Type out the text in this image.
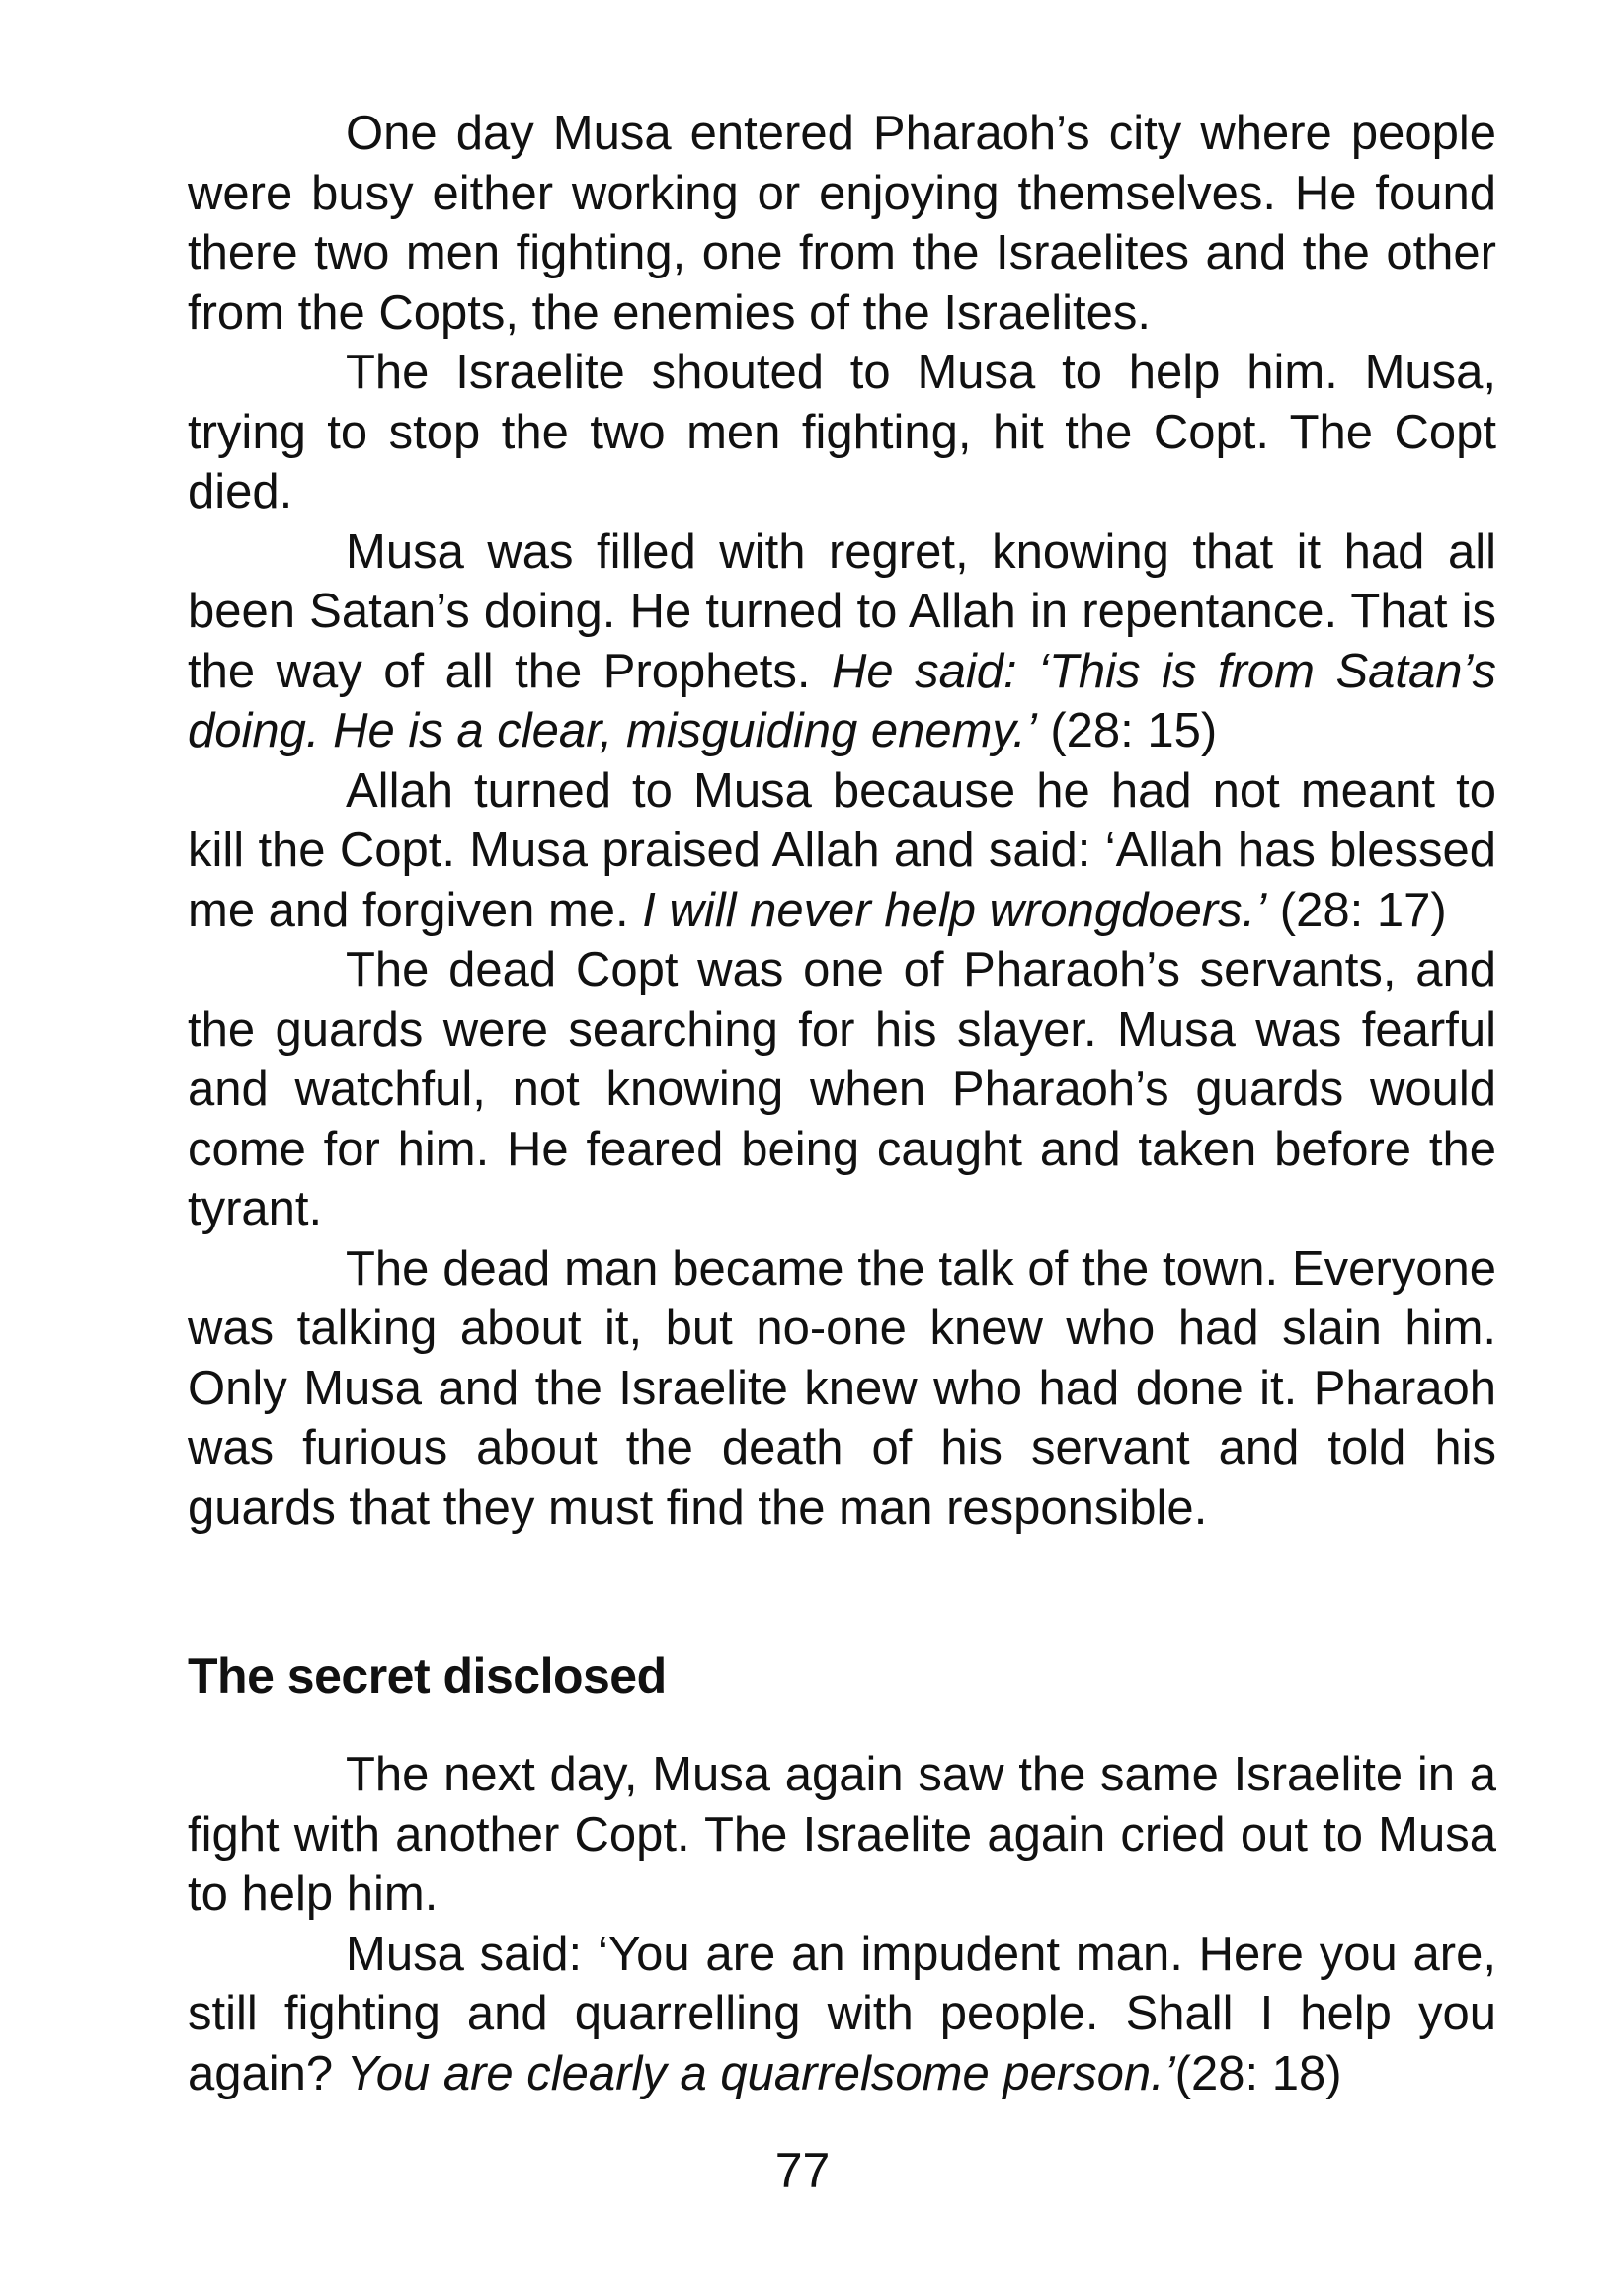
One day Musa entered Pharaoh’s city where people were busy either working or enjoying themselves. He found there two men fighting, one from the Israelites and the other from the Copts, the enemies of the Israelites.

The Israelite shouted to Musa to help him. Musa, trying to stop the two men fighting, hit the Copt. The Copt died.

Musa was filled with regret, knowing that it had all been Satan’s doing. He turned to Allah in repentance. That is the way of all the Prophets. He said: ‘This is from Satan’s doing. He is a clear, misguiding enemy.’ (28: 15)

Allah turned to Musa because he had not meant to kill the Copt. Musa praised Allah and said: ‘Allah has blessed me and forgiven me. I will never help wrongdoers.’ (28: 17)

The dead Copt was one of Pharaoh’s servants, and the guards were searching for his slayer. Musa was fearful and watchful, not knowing when Pharaoh’s guards would come for him. He feared being caught and taken before the tyrant.

The dead man became the talk of the town. Everyone was talking about it, but no-one knew who had slain him. Only Musa and the Israelite knew who had done it. Pharaoh was furious about the death of his servant and told his guards that they must find the man responsible.

The secret disclosed

The next day, Musa again saw the same Israelite in a fight with another Copt. The Israelite again cried out to Musa to help him.

Musa said: ‘You are an impudent man. Here you are, still fighting and quarrelling with people. Shall I help you again? You are clearly a quarrelsome person.’(28: 18)

77
